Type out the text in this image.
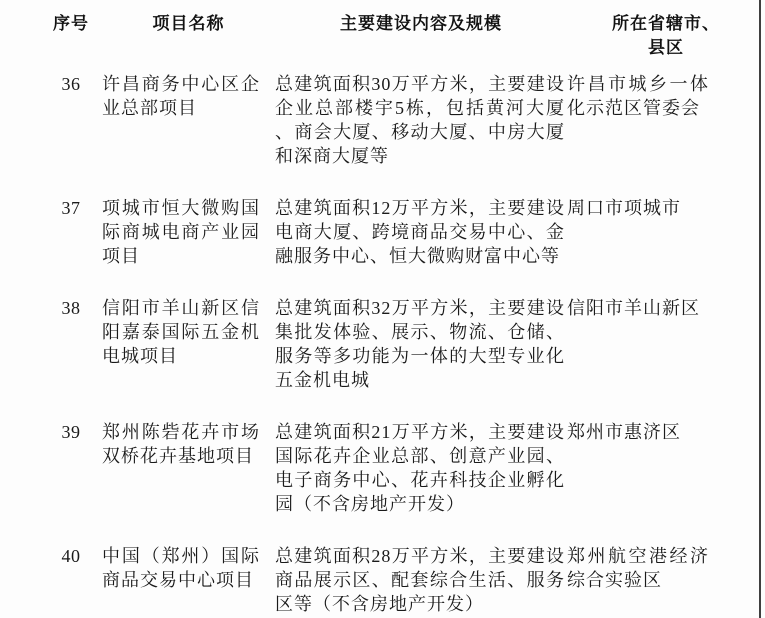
序号	项目名称	主要建设内容及规模	所在省辖市、
县区

36	许昌商务中心区企业总部项目	总建筑面积30万平方米，主要建设企业总部楼宇5栋，包括黄河大厦、商会大厦、移动大厦、中房大厦和深商大厦等	许昌市城乡一体化示范区管委会

37	项城市恒大微购国际商城电商产业园项目	总建筑面积12万平方米，主要建设电商大厦、跨境商品交易中心、金融服务中心、恒大微购财富中心等	周口市项城市

38	信阳市羊山新区信阳嘉泰国际五金机电城项目	总建筑面积32万平方米，主要建设集批发体验、展示、物流、仓储、服务等多功能为一体的大型专业化五金机电城	信阳市羊山新区

39	郑州陈砦花卉市场双桥花卉基地项目	总建筑面积21万平方米，主要建设国际花卉企业总部、创意产业园、电子商务中心、花卉科技企业孵化园（不含房地产开发）	郑州市惠济区

40	中国（郑州）国际商品交易中心项目	总建筑面积28万平方米，主要建设商品展示区、配套综合生活、服务区等（不含房地产开发）	郑州航空港经济综合实验区
